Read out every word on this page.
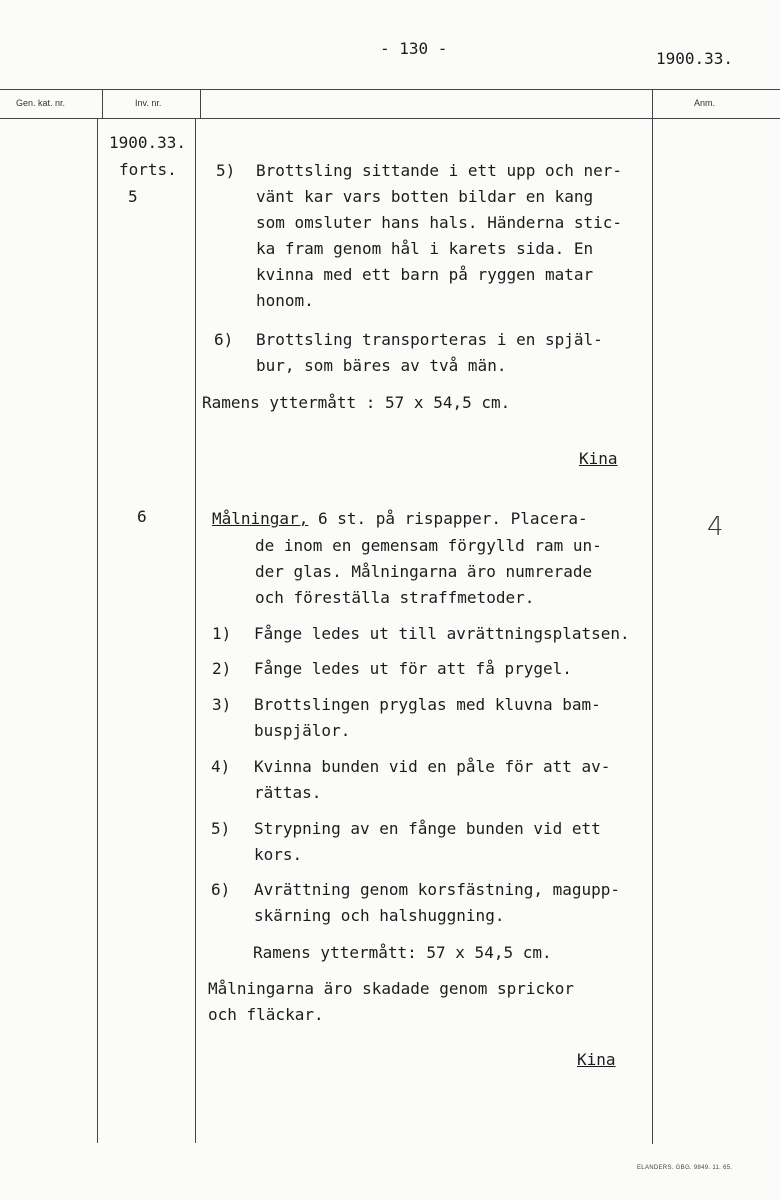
- 130 -
1900.33.
Gen. kat. nr.	Inv. nr.	Anm.
1900.33.
forts.
5
6
5) Brottsling sittande i ett upp och ner-
vänt kar vars botten bildar en kang
som omsluter hans hals. Händerna stic-
ka fram genom hål i karets sida. En
kvinna med ett barn på ryggen matar
honom.
6) Brottsling transporteras i en spjäl-
bur, som bäres av två män.
Ramens yttermått : 57 x 54,5 cm.
Kina
Målningar, 6 st. på rispapper. Placera-
de inom en gemensam förgylld ram un-
der glas. Målningarna äro numrerade
och föreställa straffmetoder.
1) Fånge ledes ut till avrättningsplatsen.
2) Fånge ledes ut för att få prygel.
3) Brottslingen pryglas med kluvna bam-
buspjälor.
4) Kvinna bunden vid en påle för att av-
rättas.
5) Strypning av en fånge bunden vid ett
kors.
6) Avrättning genom korsfästning, magupp-
skärning och halshuggning.
Ramens yttermått: 57 x 54,5 cm.
Målningarna äro skadade genom sprickor
och fläckar.
Kina
4
ELANDERS. GBG. 9849. 11. 65.
